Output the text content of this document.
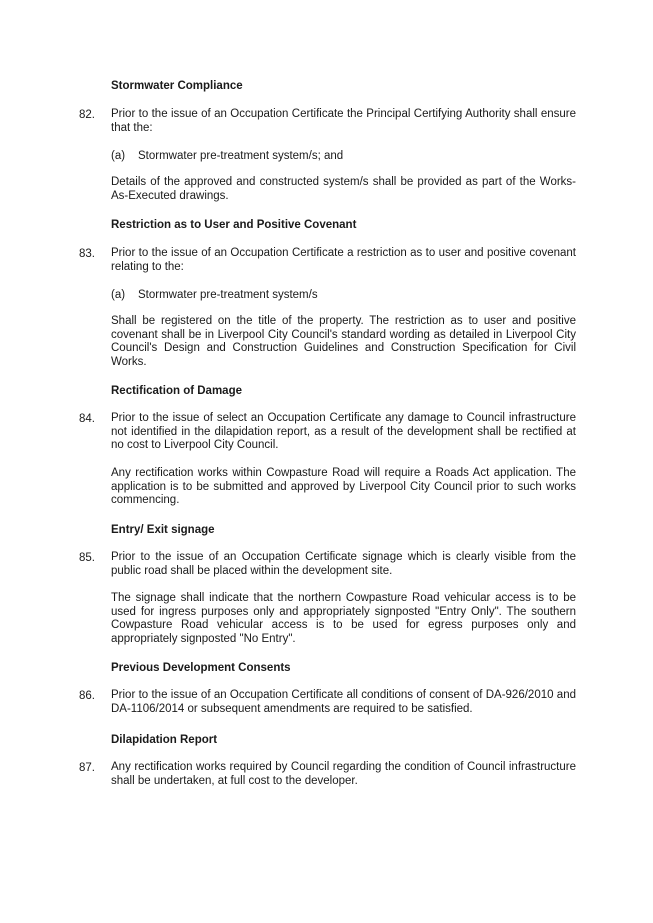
Stormwater Compliance
82. Prior to the issue of an Occupation Certificate the Principal Certifying Authority shall ensure that the:
(a) Stormwater pre-treatment system/s; and
Details of the approved and constructed system/s shall be provided as part of the Works-As-Executed drawings.
Restriction as to User and Positive Covenant
83. Prior to the issue of an Occupation Certificate a restriction as to user and positive covenant relating to the:
(a) Stormwater pre-treatment system/s
Shall be registered on the title of the property. The restriction as to user and positive covenant shall be in Liverpool City Council's standard wording as detailed in Liverpool City Council's Design and Construction Guidelines and Construction Specification for Civil Works.
Rectification of Damage
84. Prior to the issue of select an Occupation Certificate any damage to Council infrastructure not identified in the dilapidation report, as a result of the development shall be rectified at no cost to Liverpool City Council.
Any rectification works within Cowpasture Road will require a Roads Act application. The application is to be submitted and approved by Liverpool City Council prior to such works commencing.
Entry/ Exit signage
85. Prior to the issue of an Occupation Certificate signage which is clearly visible from the public road shall be placed within the development site.
The signage shall indicate that the northern Cowpasture Road vehicular access is to be used for ingress purposes only and appropriately signposted "Entry Only". The southern Cowpasture Road vehicular access is to be used for egress purposes only and appropriately signposted "No Entry".
Previous Development Consents
86. Prior to the issue of an Occupation Certificate all conditions of consent of DA-926/2010 and DA-1106/2014 or subsequent amendments are required to be satisfied.
Dilapidation Report
87. Any rectification works required by Council regarding the condition of Council infrastructure shall be undertaken, at full cost to the developer.
